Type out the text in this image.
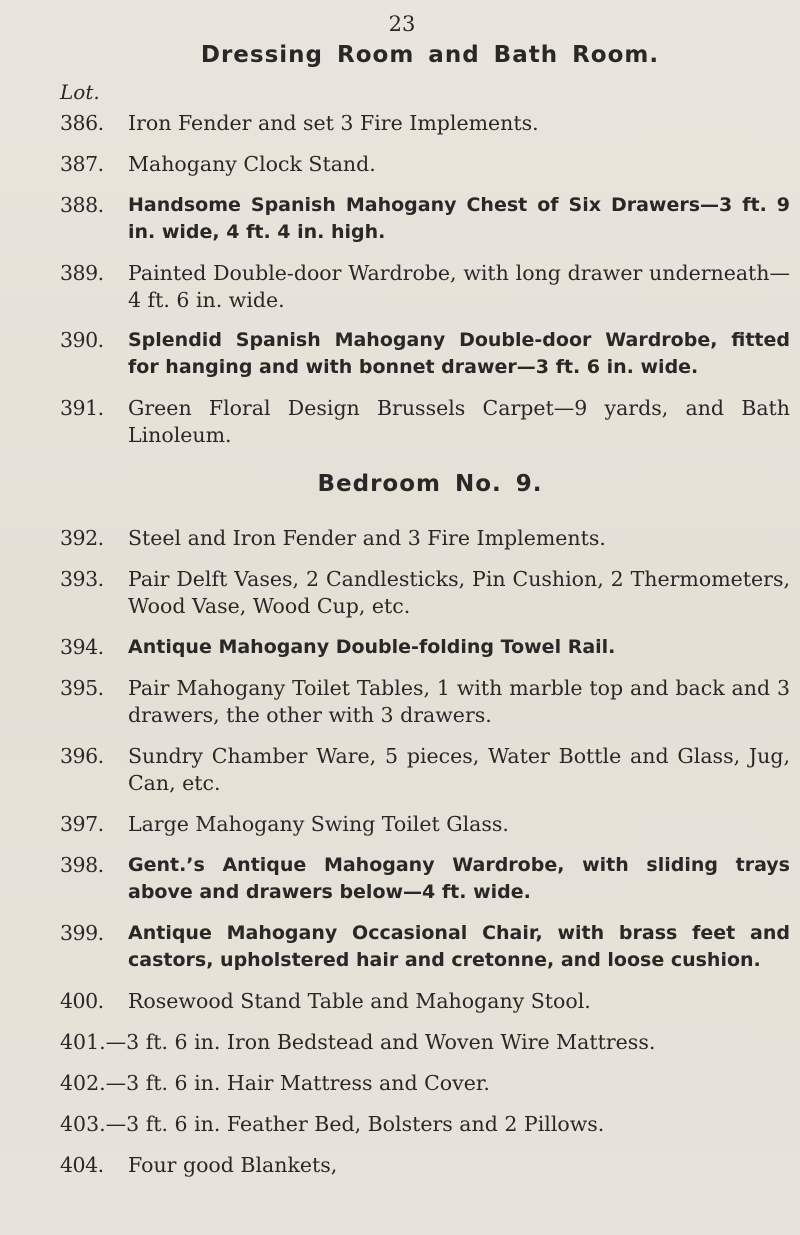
23
Dressing Room and Bath Room.
Lot.
386.	Iron Fender and set 3 Fire Implements.
387.	Mahogany Clock Stand.
388.	Handsome Spanish Mahogany Chest of Six Drawers—3 ft. 9 in. wide, 4 ft. 4 in. high.
389.	Painted Double-door Wardrobe, with long drawer underneath—4 ft. 6 in. wide.
390.	Splendid Spanish Mahogany Double-door Wardrobe, fitted for hanging and with bonnet drawer—3 ft. 6 in. wide.
391.	Green Floral Design Brussels Carpet—9 yards, and Bath Linoleum.
Bedroom No. 9.
392.	Steel and Iron Fender and 3 Fire Implements.
393.	Pair Delft Vases, 2 Candlesticks, Pin Cushion, 2 Thermometers, Wood Vase, Wood Cup, etc.
394.	Antique Mahogany Double-folding Towel Rail.
395.	Pair Mahogany Toilet Tables, 1 with marble top and back and 3 drawers, the other with 3 drawers.
396.	Sundry Chamber Ware, 5 pieces, Water Bottle and Glass, Jug, Can, etc.
397.	Large Mahogany Swing Toilet Glass.
398.	Gent.’s Antique Mahogany Wardrobe, with sliding trays above and drawers below—4 ft. wide.
399.	Antique Mahogany Occasional Chair, with brass feet and castors, upholstered hair and cretonne, and loose cushion.
400.	Rosewood Stand Table and Mahogany Stool.
401.—3 ft. 6 in. Iron Bedstead and Woven Wire Mattress.
402.—3 ft. 6 in. Hair Mattress and Cover.
403.—3 ft. 6 in. Feather Bed, Bolsters and 2 Pillows.
404.	Four good Blankets,
